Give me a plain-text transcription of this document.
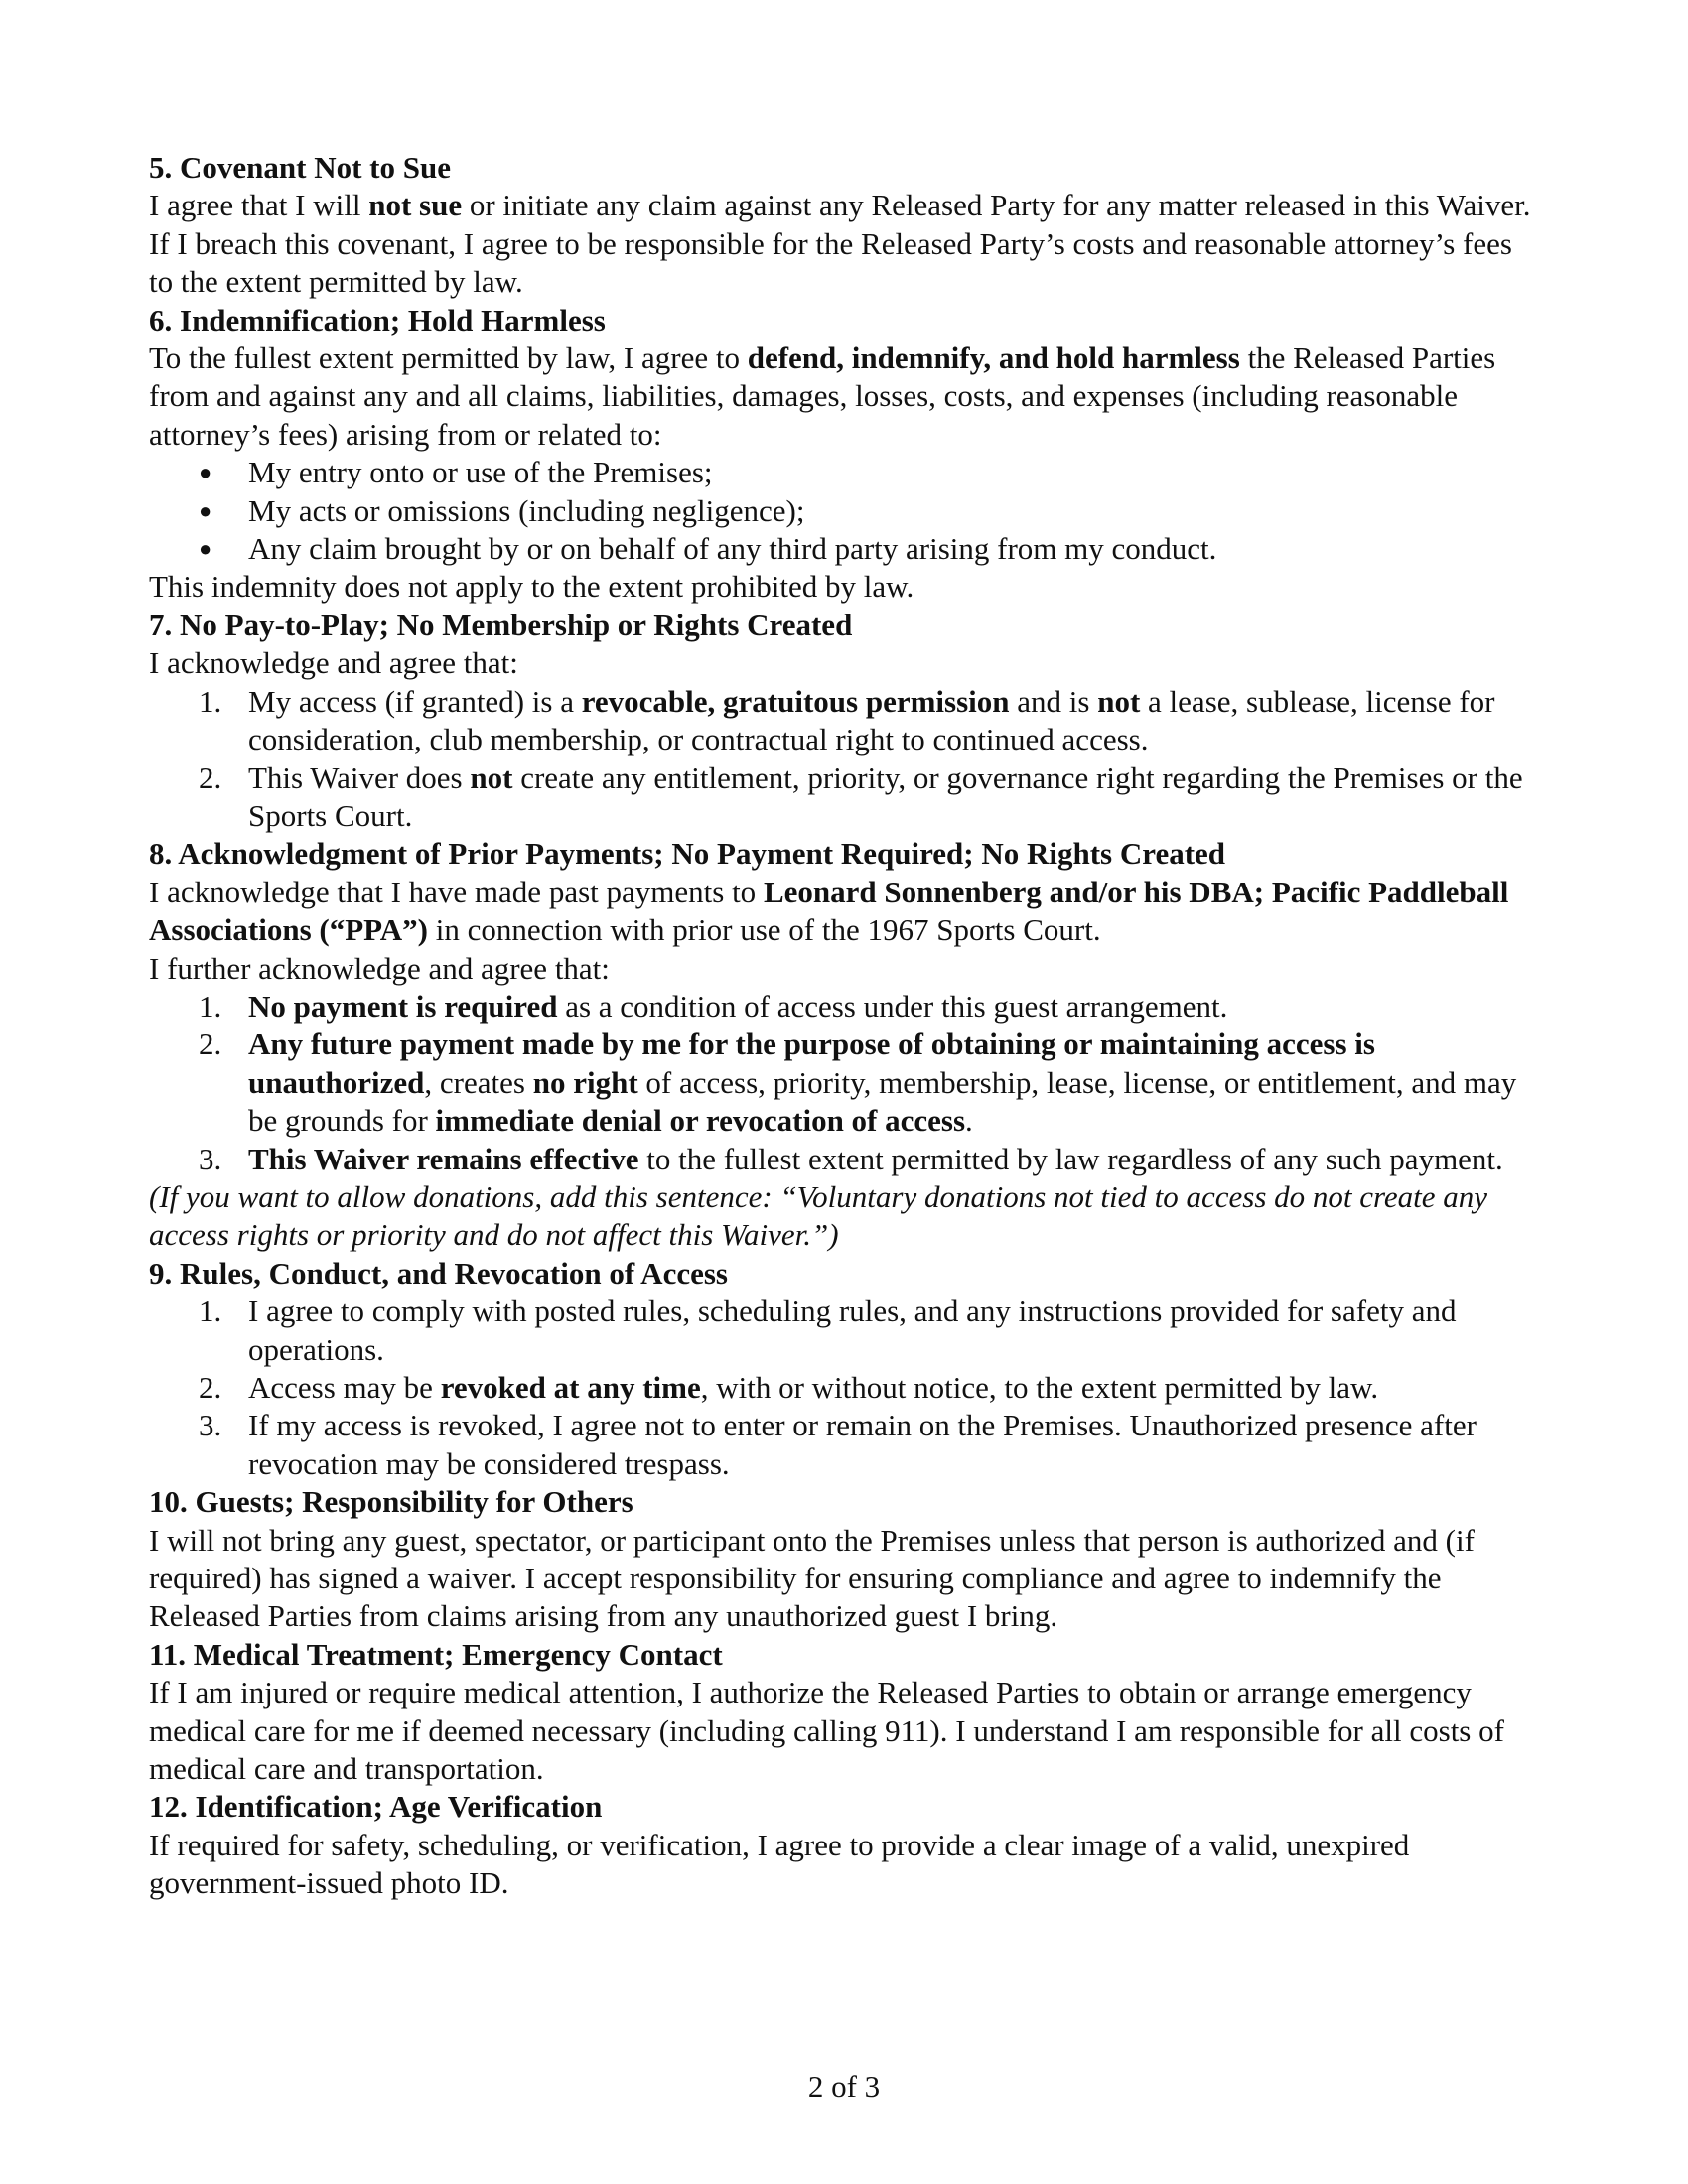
5. Covenant Not to Sue
I agree that I will not sue or initiate any claim against any Released Party for any matter released in this Waiver. If I breach this covenant, I agree to be responsible for the Released Party’s costs and reasonable attorney’s fees to the extent permitted by law.
6. Indemnification; Hold Harmless
To the fullest extent permitted by law, I agree to defend, indemnify, and hold harmless the Released Parties from and against any and all claims, liabilities, damages, losses, costs, and expenses (including reasonable attorney’s fees) arising from or related to:
●	My entry onto or use of the Premises;
●	My acts or omissions (including negligence);
●	Any claim brought by or on behalf of any third party arising from my conduct.
This indemnity does not apply to the extent prohibited by law.
7. No Pay-to-Play; No Membership or Rights Created
I acknowledge and agree that:
1. My access (if granted) is a revocable, gratuitous permission and is not a lease, sublease, license for consideration, club membership, or contractual right to continued access.
2. This Waiver does not create any entitlement, priority, or governance right regarding the Premises or the Sports Court.
8. Acknowledgment of Prior Payments; No Payment Required; No Rights Created
I acknowledge that I have made past payments to Leonard Sonnenberg and/or his DBA; Pacific Paddleball Associations (“PPA”) in connection with prior use of the 1967 Sports Court.
I further acknowledge and agree that:
1. No payment is required as a condition of access under this guest arrangement.
2. Any future payment made by me for the purpose of obtaining or maintaining access is unauthorized, creates no right of access, priority, membership, lease, license, or entitlement, and may be grounds for immediate denial or revocation of access.
3. This Waiver remains effective to the fullest extent permitted by law regardless of any such payment.
(If you want to allow donations, add this sentence: “Voluntary donations not tied to access do not create any access rights or priority and do not affect this Waiver.”)
9. Rules, Conduct, and Revocation of Access
1. I agree to comply with posted rules, scheduling rules, and any instructions provided for safety and operations.
2. Access may be revoked at any time, with or without notice, to the extent permitted by law.
3. If my access is revoked, I agree not to enter or remain on the Premises. Unauthorized presence after revocation may be considered trespass.
10. Guests; Responsibility for Others
I will not bring any guest, spectator, or participant onto the Premises unless that person is authorized and (if required) has signed a waiver. I accept responsibility for ensuring compliance and agree to indemnify the Released Parties from claims arising from any unauthorized guest I bring.
11. Medical Treatment; Emergency Contact
If I am injured or require medical attention, I authorize the Released Parties to obtain or arrange emergency medical care for me if deemed necessary (including calling 911). I understand I am responsible for all costs of medical care and transportation.
12. Identification; Age Verification
If required for safety, scheduling, or verification, I agree to provide a clear image of a valid, unexpired government-issued photo ID.
2 of 3
